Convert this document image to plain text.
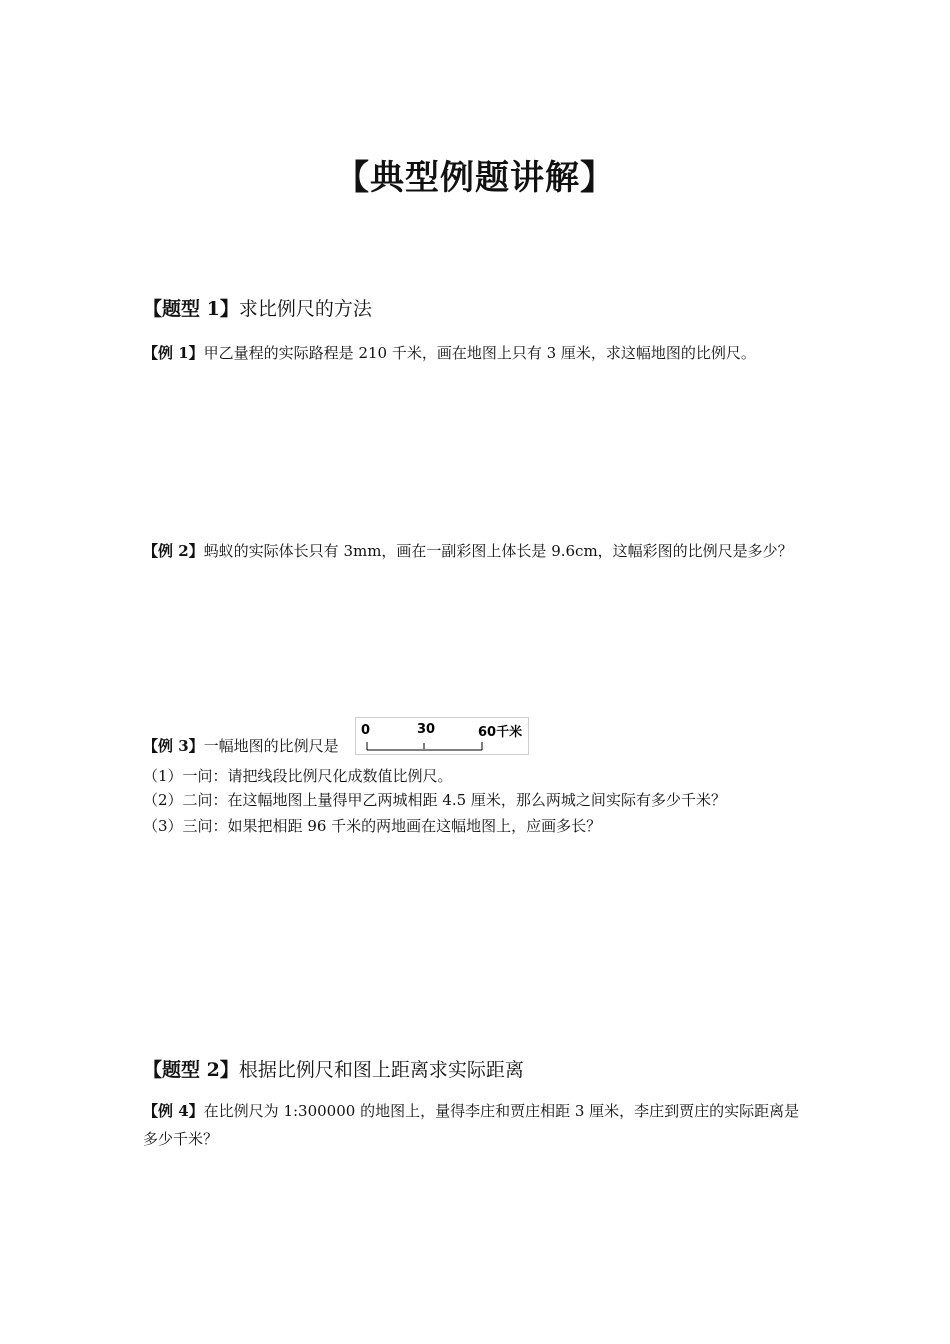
【典型例题讲解】
【题型 1】求比例尺的方法
【例 1】甲乙量程的实际路程是 210 千米，画在地图上只有 3 厘米，求这幅地图的比例尺。
【例 2】蚂蚁的实际体长只有 3mm，画在一副彩图上体长是 9.6cm，这幅彩图的比例尺是多少？
【例 3】一幅地图的比例尺是
0	30	60千米
（1）一问：请把线段比例尺化成数值比例尺。
（2）二问：在这幅地图上量得甲乙两城相距 4.5 厘米，那么两城之间实际有多少千米？
（3）三问：如果把相距 96 千米的两地画在这幅地图上，应画多长？
【题型 2】根据比例尺和图上距离求实际距离
【例 4】在比例尺为 1:300000 的地图上，量得李庄和贾庄相距 3 厘米，李庄到贾庄的实际距离是多少千米？
